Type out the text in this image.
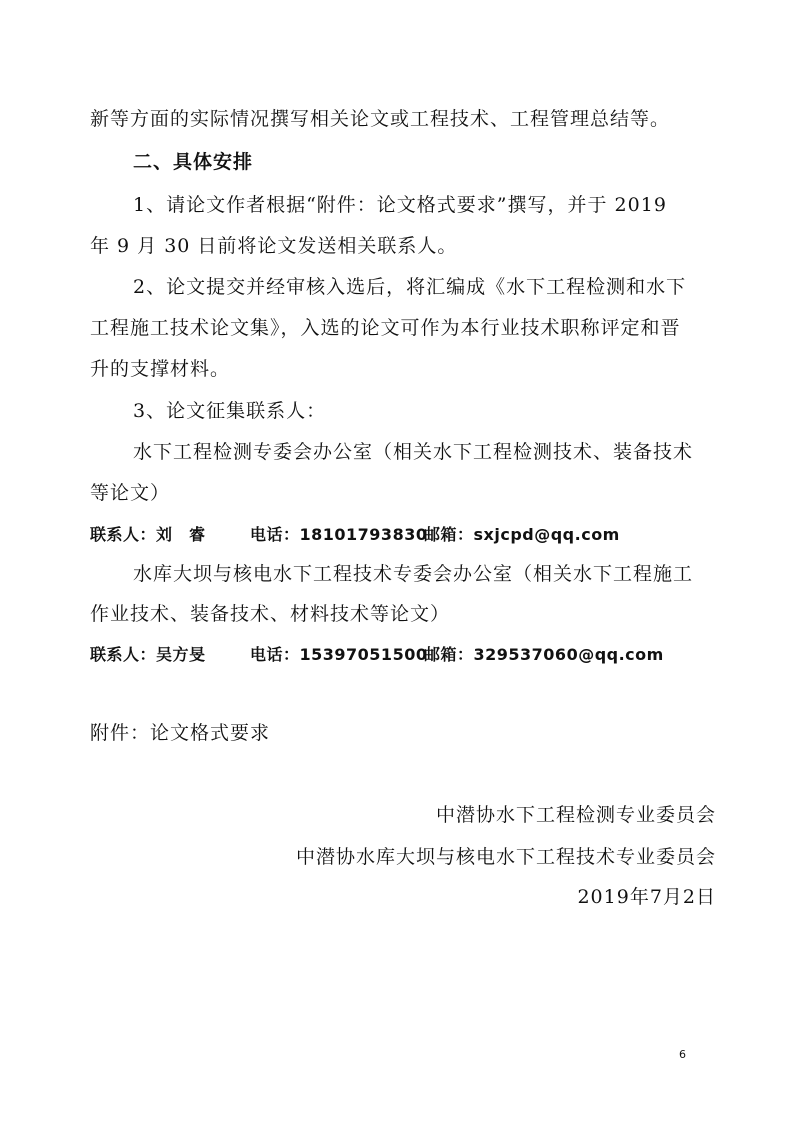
新等方面的实际情况撰写相关论文或工程技术、工程管理总结等。
二、具体安排
1、请论文作者根据“附件：论文格式要求”撰写，并于 2019
年 9 月 30 日前将论文发送相关联系人。
2、论文提交并经审核入选后，将汇编成《水下工程检测和水下
工程施工技术论文集》，入选的论文可作为本行业技术职称评定和晋
升的支撑材料。
3、论文征集联系人：
水下工程检测专委会办公室（相关水下工程检测技术、装备技术
等论文）
联系人：刘　睿	电话：18101793830邮箱：sxjcpd@qq.com
水库大坝与核电水下工程技术专委会办公室（相关水下工程施工
作业技术、装备技术、材料技术等论文）
联系人：吴方旻	电话：15397051500邮箱：329537060@qq.com
附件：论文格式要求
中潜协水下工程检测专业委员会
中潜协水库大坝与核电水下工程技术专业委员会
2019年7月2日
6
